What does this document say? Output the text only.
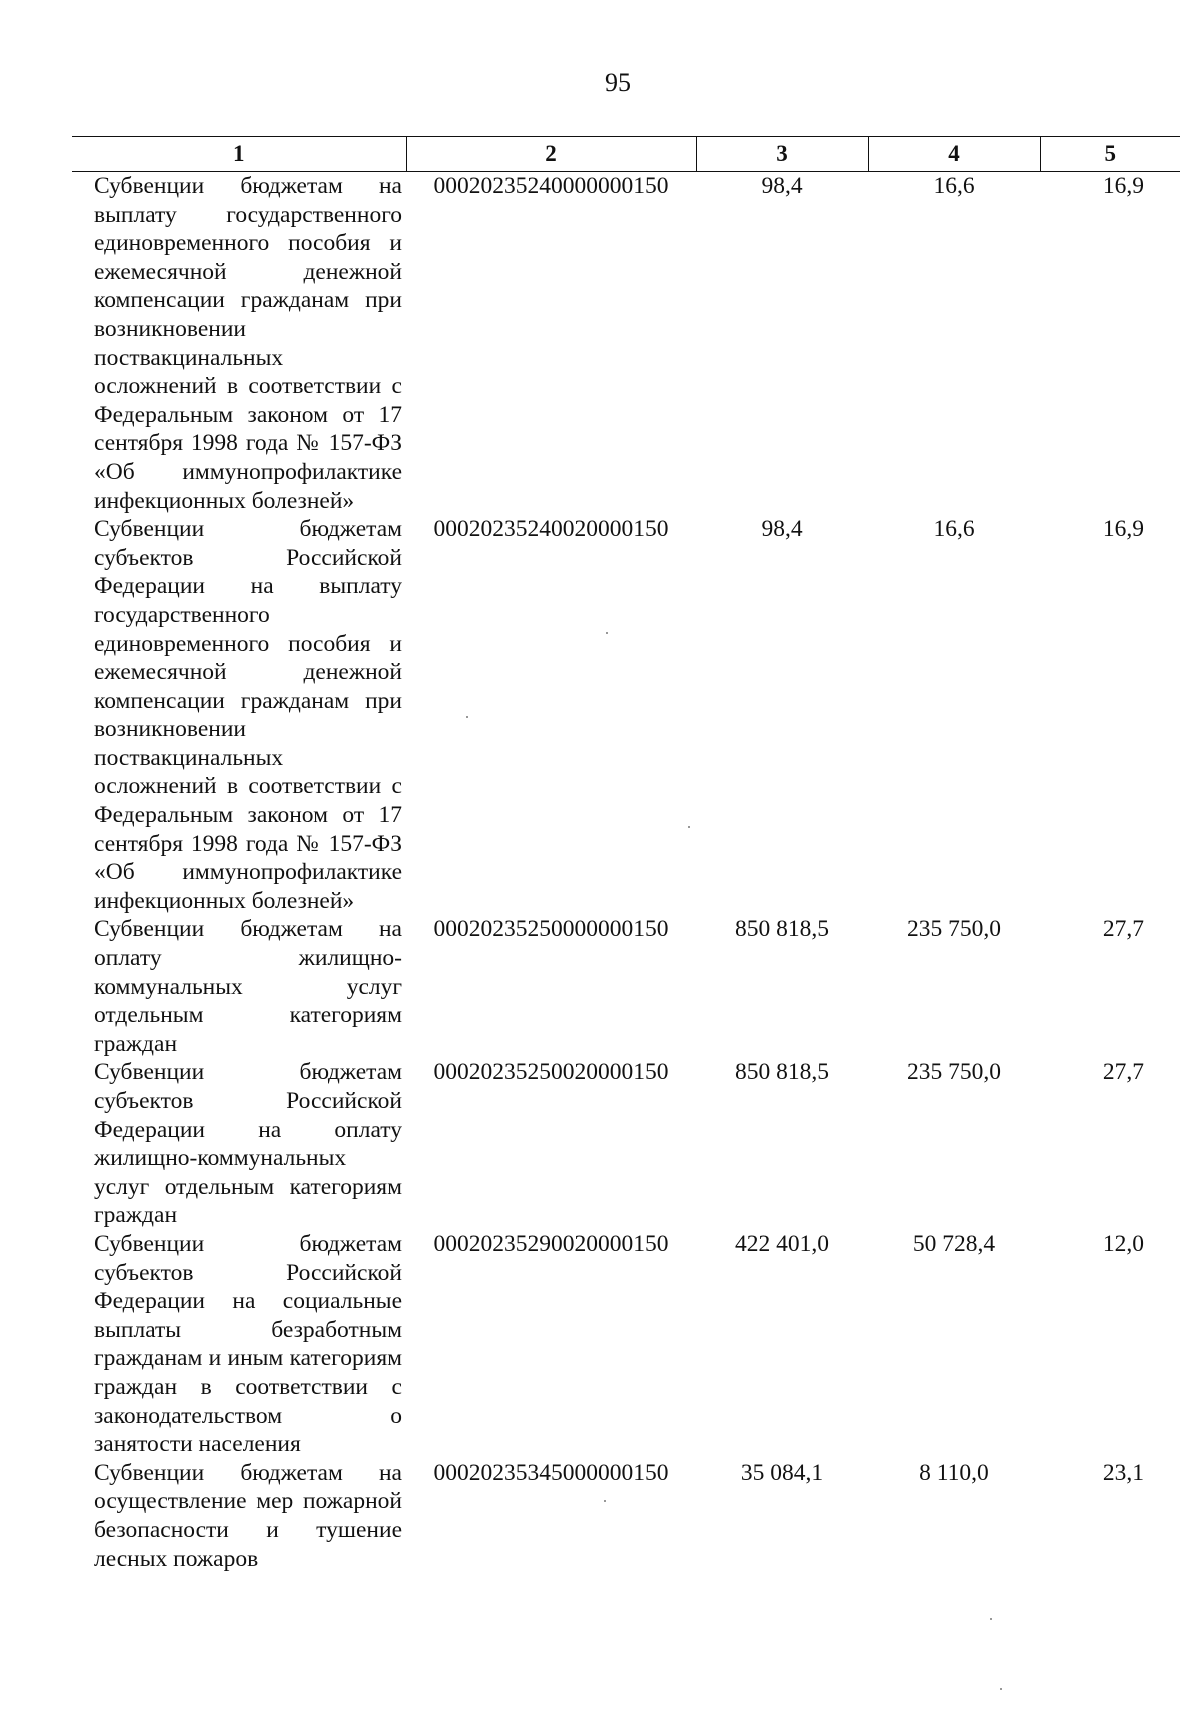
95
1	2	3	4	5
Субвенции бюджетам на выплату государственного единовременного пособия и ежемесячной денежной компенсации гражданам при возникновении поствакцинальных осложнений в соответствии с Федеральным законом от 17 сентября 1998 года № 157-ФЗ «Об иммунопрофилактике инфекционных болезней»	00020235240000000150	98,4	16,6	16,9
Субвенции бюджетам субъектов Российской Федерации на выплату государственного единовременного пособия и ежемесячной денежной компенсации гражданам при возникновении поствакцинальных осложнений в соответствии с Федеральным законом от 17 сентября 1998 года № 157-ФЗ «Об иммунопрофилактике инфекционных болезней»	00020235240020000150	98,4	16,6	16,9
Субвенции бюджетам на оплату жилищно-коммунальных услуг отдельным категориям граждан	00020235250000000150	850 818,5	235 750,0	27,7
Субвенции бюджетам субъектов Российской Федерации на оплату жилищно-коммунальных услуг отдельным категориям граждан	00020235250020000150	850 818,5	235 750,0	27,7
Субвенции бюджетам субъектов Российской Федерации на социальные выплаты безработным гражданам и иным категориям граждан в соответствии с законодательством о занятости населения	00020235290020000150	422 401,0	50 728,4	12,0
Субвенции бюджетам на осуществление мер пожарной безопасности и тушение лесных пожаров	00020235345000000150	35 084,1	8 110,0	23,1
